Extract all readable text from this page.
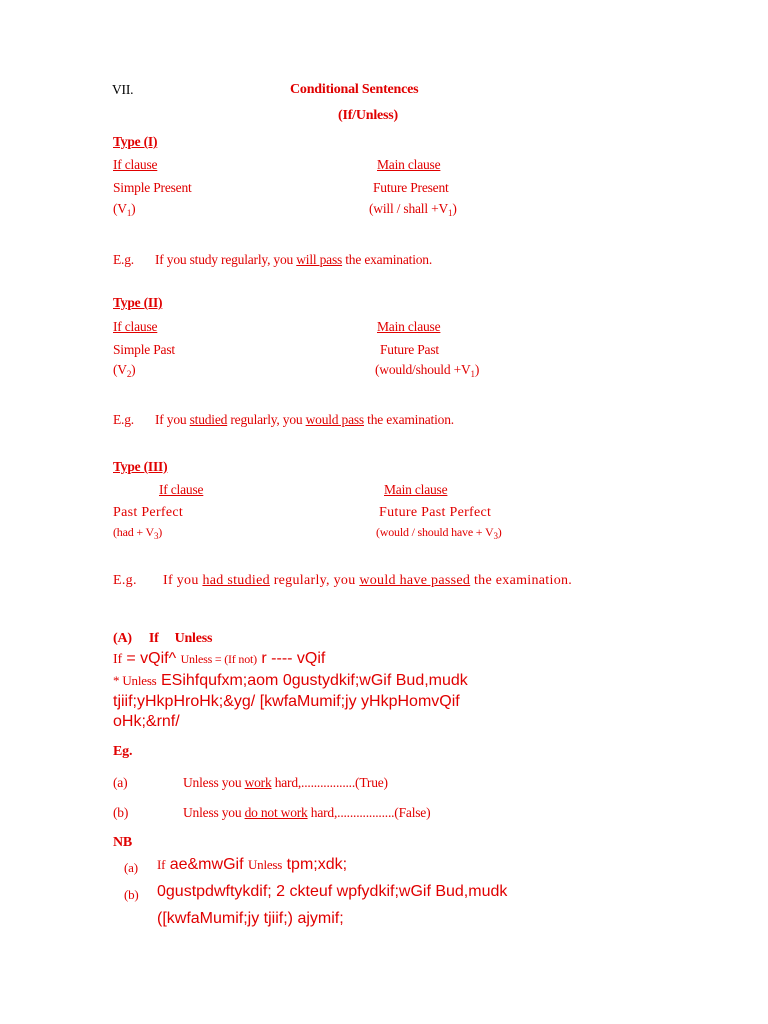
VII.	Conditional Sentences
(If/Unless)
Type (I)
If clause	Main clause
Simple Present	Future Present
$(V_1)$	(will / shall $+V_1$)
E.g. If you study regularly, you will pass the examination.
Type (II)
If clause	Main clause
Simple Past	Future Past
$(V_2)$	(would/should $+V_1$)
E.g. If you studied regularly, you would pass the examination.
Type (III)
If clause	Main clause
Past Perfect	Future Past Perfect
$(had + V_3)$	(would / should have + $V_3$)
E.g. If you had studied regularly, you would have passed the examination.
(A) If Unless
If = vQif^ Unless = (If not) r ---- vQif
* Unless ESihfqufxm;aom 0gustydkif;wGif Bud,mudk
tjiif;yHkpHroHk;&yg/ [kwfaMumif;jy yHkpHomvQif
oHk;&rnf/
Eg.
(a)	Unless you work hard,.................(True)
(b)	Unless you do not work hard,..................(False)
NB
(a) If ae&mwGif Unless tpm;xdk;
(b) 0gustpdwftykdif; 2 ckteuf wpfydkif;wGif Bud,mudk
([kwfaMumif;jy tjiif;) ajymif;
